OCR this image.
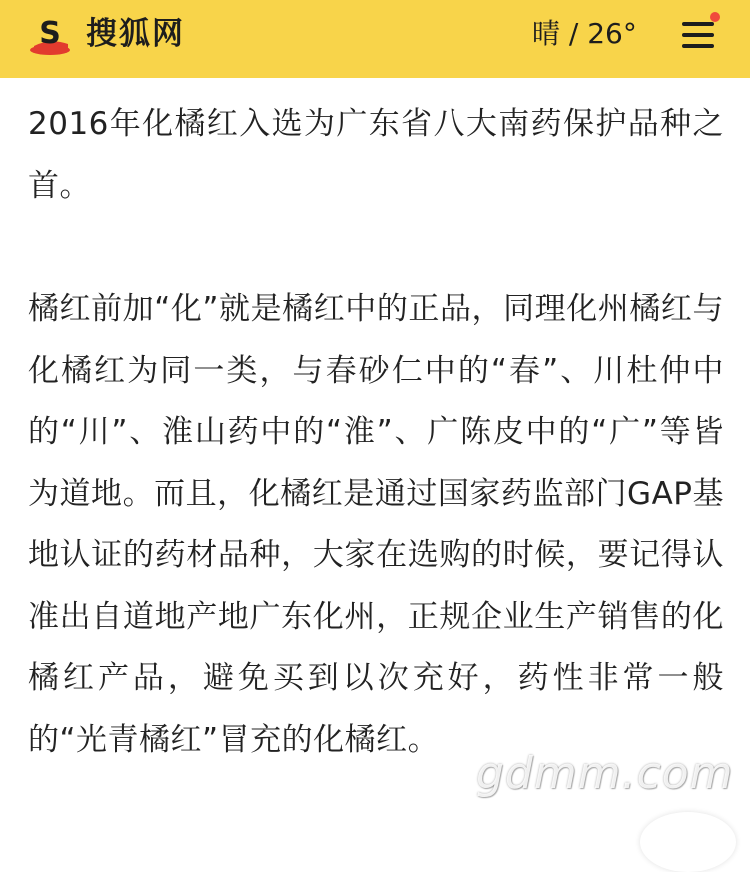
S 搜狐网	晴 / 26°

2016年化橘红入选为广东省八大南药保护品种之首。

橘红前加“化”就是橘红中的正品，同理化州橘红与化橘红为同一类，与春砂仁中的“春”、川杜仲中的“川”、淮山药中的“淮”、广陈皮中的“广”等皆为道地。而且，化橘红是通过国家药监部门GAP基地认证的药材品种，大家在选购的时候，要记得认准出自道地产地广东化州，正规企业生产销售的化橘红产品，避免买到以次充好，药性非常一般的“光青橘红”冒充的化橘红。

gdmm.com
